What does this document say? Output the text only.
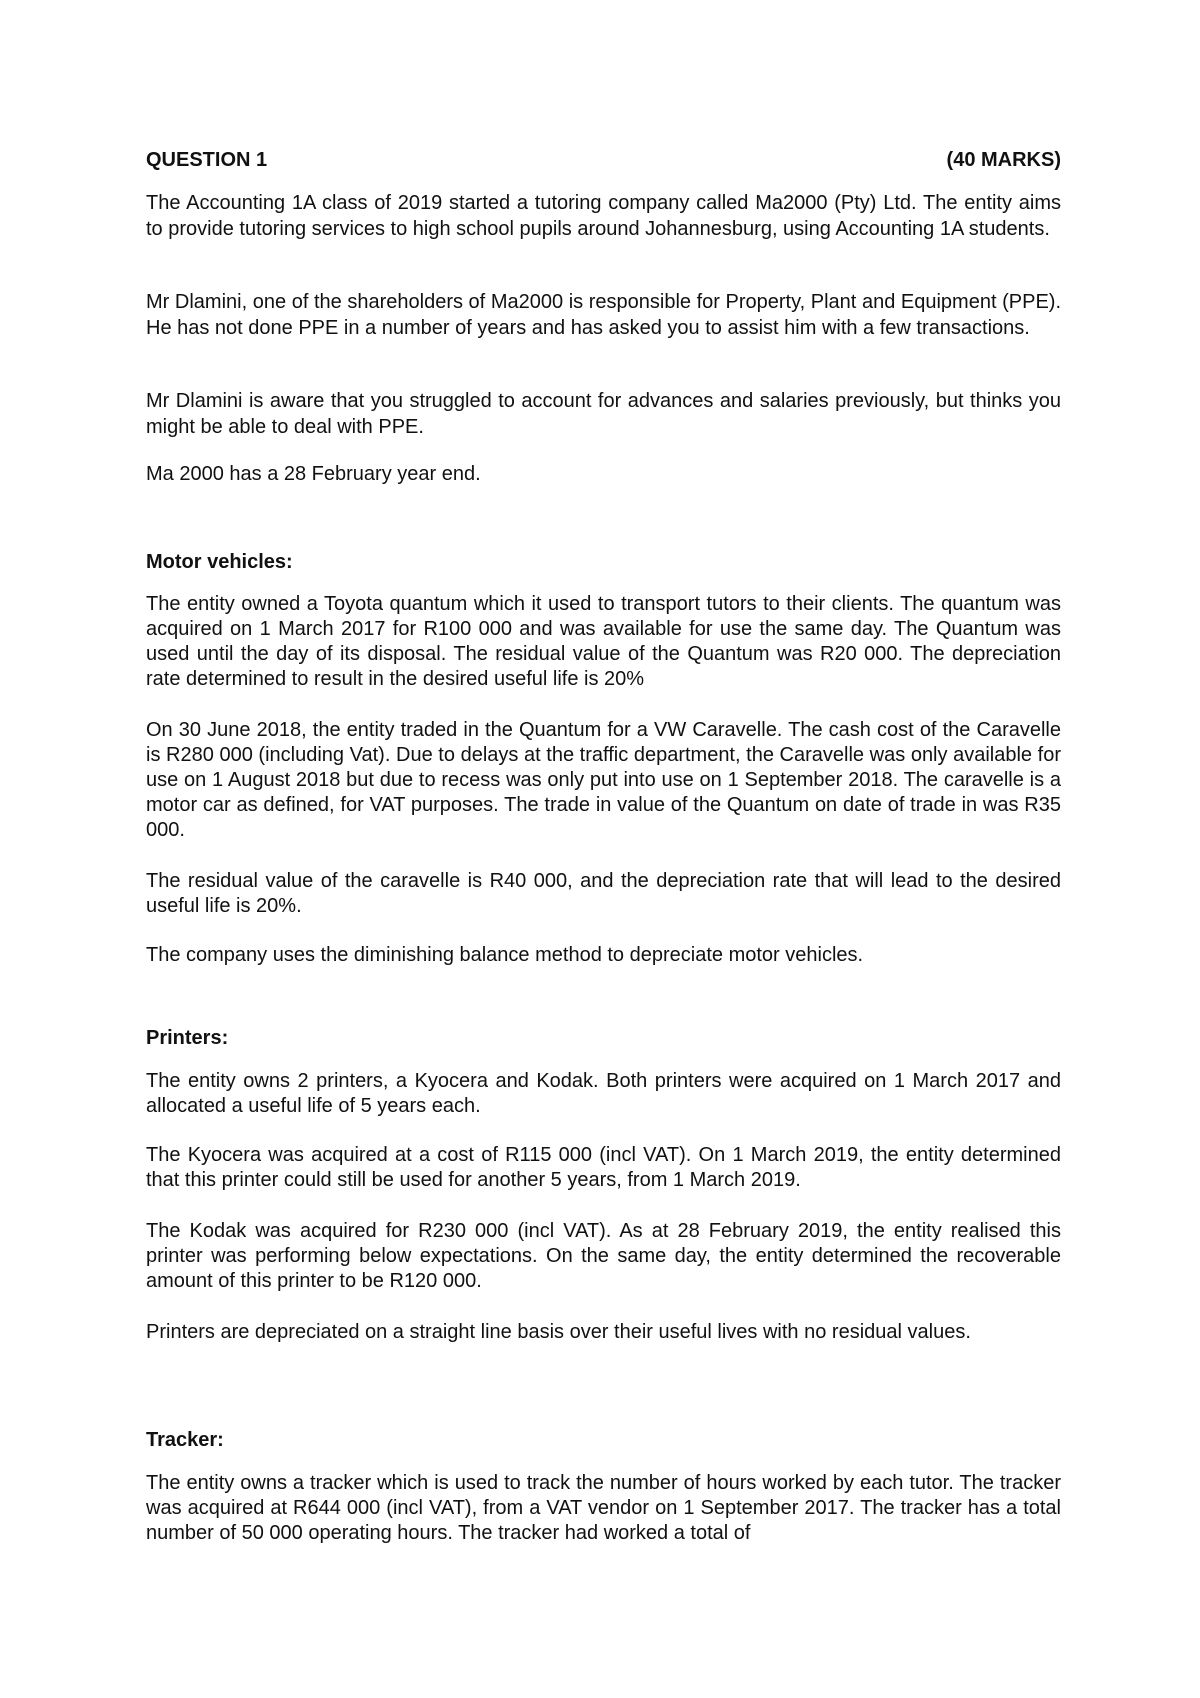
QUESTION 1	(40 MARKS)

The Accounting 1A class of 2019 started a tutoring company called Ma2000 (Pty) Ltd. The entity aims to provide tutoring services to high school pupils around Johannesburg, using Accounting 1A students.

Mr Dlamini, one of the shareholders of Ma2000 is responsible for Property, Plant and Equipment (PPE). He has not done PPE in a number of years and has asked you to assist him with a few transactions.

Mr Dlamini is aware that you struggled to account for advances and salaries previously, but thinks you might be able to deal with PPE.

Ma 2000 has a 28 February year end.

Motor vehicles:

The entity owned a Toyota quantum which it used to transport tutors to their clients. The quantum was acquired on 1 March 2017 for R100 000 and was available for use the same day. The Quantum was used until the day of its disposal. The residual value of the Quantum was R20 000. The depreciation rate determined to result in the desired useful life is 20%

On 30 June 2018, the entity traded in the Quantum for a VW Caravelle. The cash cost of the Caravelle is R280 000 (including Vat). Due to delays at the traffic department, the Caravelle was only available for use on 1 August 2018 but due to recess was only put into use on 1 September 2018. The caravelle is a motor car as defined, for VAT purposes. The trade in value of the Quantum on date of trade in was R35 000.

The residual value of the caravelle is R40 000, and the depreciation rate that will lead to the desired useful life is 20%.

The company uses the diminishing balance method to depreciate motor vehicles.

Printers:

The entity owns 2 printers, a Kyocera and Kodak. Both printers were acquired on 1 March 2017 and allocated a useful life of 5 years each.

The Kyocera was acquired at a cost of R115 000 (incl VAT). On 1 March 2019, the entity determined that this printer could still be used for another 5 years, from 1 March 2019.

The Kodak was acquired for R230 000 (incl VAT). As at 28 February 2019, the entity realised this printer was performing below expectations. On the same day, the entity determined the recoverable amount of this printer to be R120 000.

Printers are depreciated on a straight line basis over their useful lives with no residual values.

Tracker:

The entity owns a tracker which is used to track the number of hours worked by each tutor. The tracker was acquired at R644 000 (incl VAT), from a VAT vendor on 1 September 2017. The tracker has a total number of 50 000 operating hours. The tracker had worked a total of
